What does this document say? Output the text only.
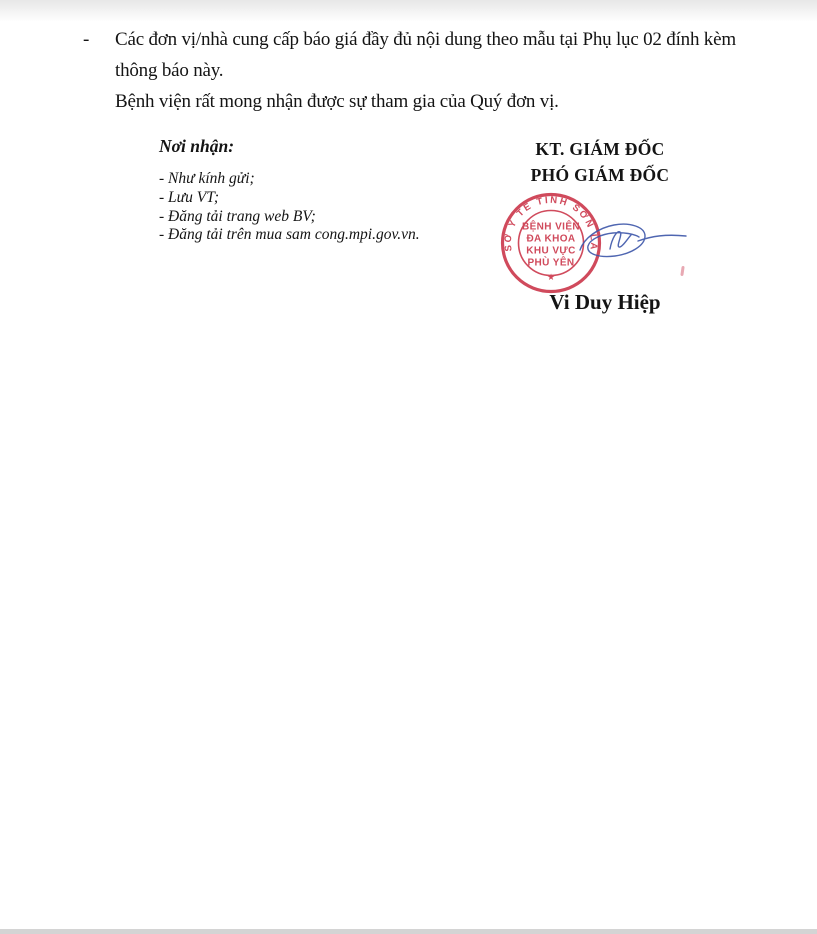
- Các đơn vị/nhà cung cấp báo giá đầy đủ nội dung theo mẫu tại Phụ lục 02 đính kèm
thông báo này.
Bệnh viện rất mong nhận được sự tham gia của Quý đơn vị.
Nơi nhận:
- Như kính gửi;
- Lưu VT;
- Đăng tải trang web BV;
- Đăng tải trên mua sam cong.mpi.gov.vn.
KT. GIÁM ĐỐC
PHÓ GIÁM ĐỐC
SỞ Y TẾ TỈNH SƠN LA
★
BỆNH VIỆN
ĐA KHOA
KHU VỰC
PHÙ YÊN
Vi Duy Hiệp
